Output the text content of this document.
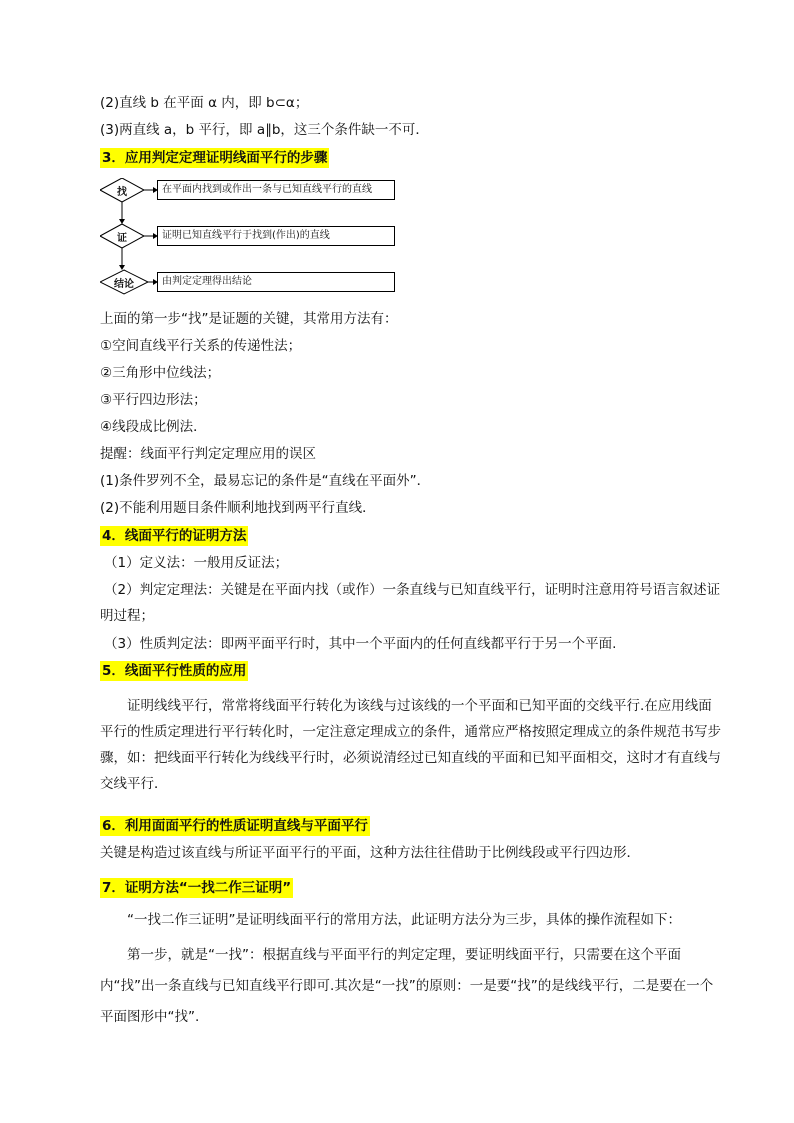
(2)直线 b 在平面 α 内，即 b⊂α；
(3)两直线 a，b 平行，即 a∥b，这三个条件缺一不可．
3．应用判定定理证明线面平行的步骤
找
证
结论
在平面内找到或作出一条与已知直线平行的直线
证明已知直线平行于找到(作出)的直线
由判定定理得出结论
上面的第一步“找”是证题的关键，其常用方法有：
①空间直线平行关系的传递性法；
②三角形中位线法；
③平行四边形法；
④线段成比例法．
提醒：线面平行判定定理应用的误区
(1)条件罗列不全，最易忘记的条件是“直线在平面外”．
(2)不能利用题目条件顺利地找到两平行直线．
4．线面平行的证明方法
（1）定义法：一般用反证法；
（2）判定定理法：关键是在平面内找（或作）一条直线与已知直线平行，证明时注意用符号语言叙述证明过程；
（3）性质判定法：即两平面平行时，其中一个平面内的任何直线都平行于另一个平面.
5．线面平行性质的应用
证明线线平行，常常将线面平行转化为该线与过该线的一个平面和已知平面的交线平行.在应用线面平行的性质定理进行平行转化时，一定注意定理成立的条件，通常应严格按照定理成立的条件规范书写步骤，如：把线面平行转化为线线平行时，必须说清经过已知直线的平面和已知平面相交，这时才有直线与交线平行．
6．利用面面平行的性质证明直线与平面平行
关键是构造过该直线与所证平面平行的平面，这种方法往往借助于比例线段或平行四边形．
7．证明方法“一找二作三证明”
“一找二作三证明”是证明线面平行的常用方法，此证明方法分为三步，具体的操作流程如下：
第一步，就是“一找”：根据直线与平面平行的判定定理，要证明线面平行，只需要在这个平面内“找”出一条直线与已知直线平行即可.其次是“一找”的原则：一是要“找”的是线线平行，二是要在一个平面图形中“找”.
